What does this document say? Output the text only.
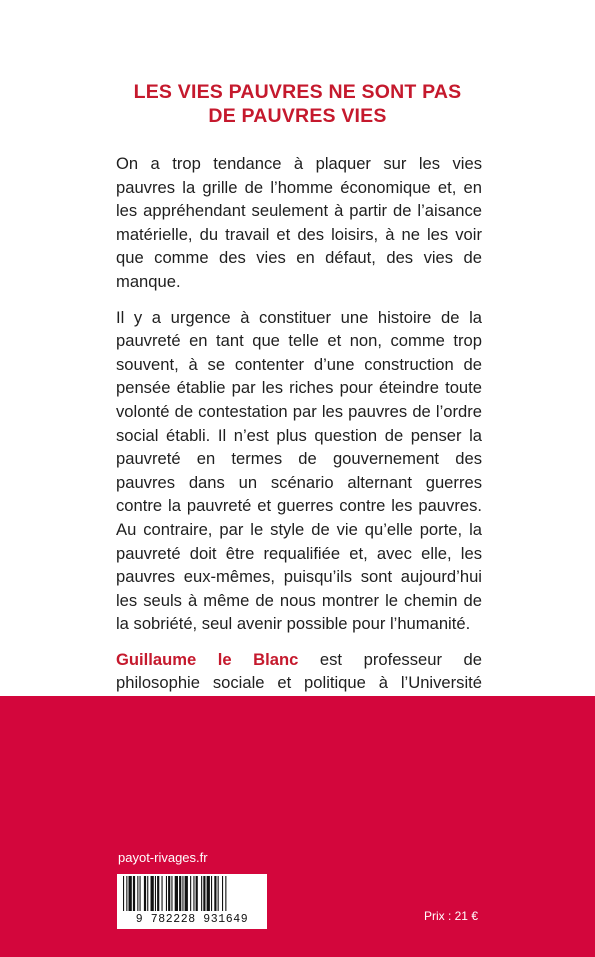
LES VIES PAUVRES NE SONT PAS
DE PAUVRES VIES

On a trop tendance à plaquer sur les vies pauvres la grille de l’homme économique et, en les appréhendant seulement à partir de l’aisance matérielle, du travail et des loisirs, à ne les voir que comme des vies en défaut, des vies de manque.

Il y a urgence à constituer une histoire de la pauvreté en tant que telle et non, comme trop souvent, à se contenter d’une construction de pensée établie par les riches pour éteindre toute volonté de contestation par les pauvres de l’ordre social établi. Il n’est plus question de penser la pauvreté en termes de gouvernement des pauvres dans un scénario alternant guerres contre la pauvreté et guerres contre les pauvres. Au contraire, par le style de vie qu’elle porte, la pauvreté doit être requalifiée et, avec elle, les pauvres eux-mêmes, puisqu’ils sont aujourd’hui les seuls à même de nous montrer le chemin de la sobriété, seul avenir possible pour l’humanité.

Guillaume le Blanc est professeur de philosophie sociale et politique à l’Université

payot-rivages.fr
9 782228 931649	Prix : 21 €
